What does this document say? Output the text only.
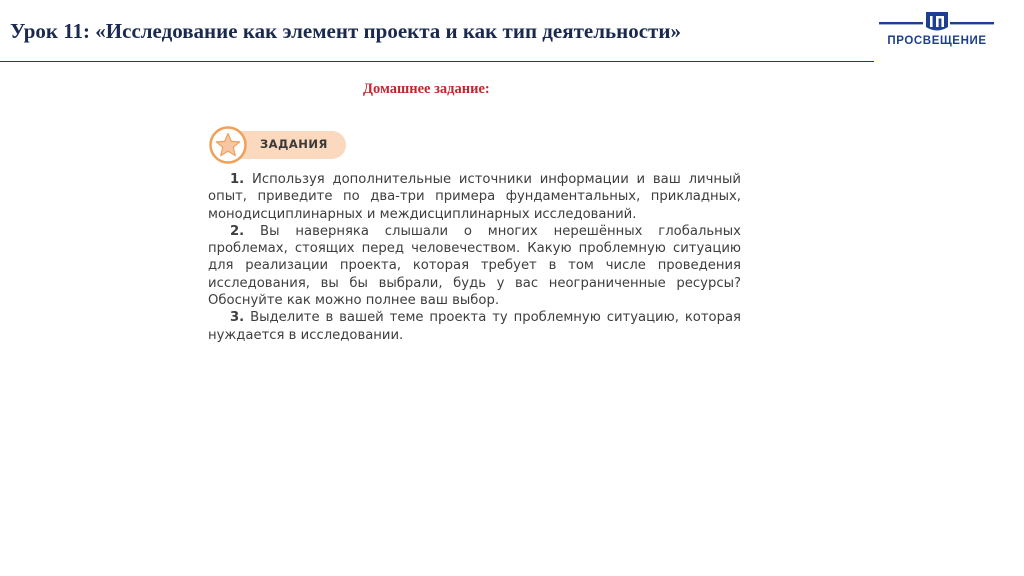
Урок 11: «Исследование как элемент проекта и как тип деятельности»	ПРОСВЕЩЕНИЕ
Домашнее задание:
ЗАДАНИЯ

1. Используя дополнительные источники информации и ваш личный опыт, приведите по два-три примера фундаментальных, прикладных, монодисциплинарных и междисциплинарных исследований.

2. Вы наверняка слышали о многих нерешённых глобальных проблемах, стоящих перед человечеством. Какую проблемную ситуацию для реализации проекта, которая требует в том числе проведения исследования, вы бы выбрали, будь у вас неограниченные ресурсы? Обоснуйте как можно полнее ваш выбор.

3. Выделите в вашей теме проекта ту проблемную ситуацию, которая нуждается в исследовании.
